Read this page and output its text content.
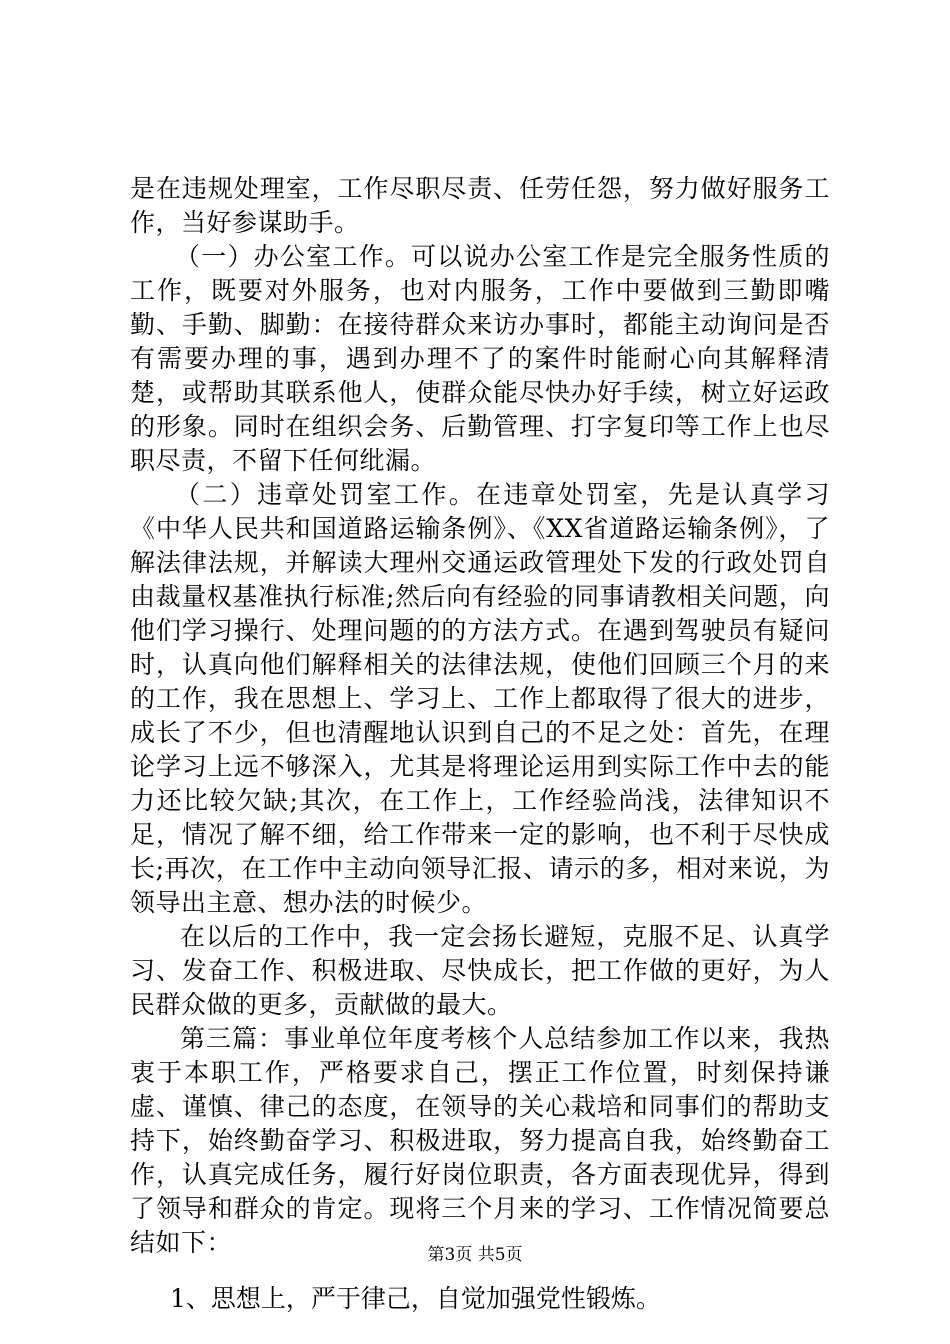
是在违规处理室，工作尽职尽责、任劳任怨，努力做好服务工作，当好参谋助手。

（一）办公室工作。可以说办公室工作是完全服务性质的工作，既要对外服务，也对内服务，工作中要做到三勤即嘴勤、手勤、脚勤：在接待群众来访办事时，都能主动询问是否有需要办理的事，遇到办理不了的案件时能耐心向其解释清楚，或帮助其联系他人，使群众能尽快办好手续，树立好运政的形象。同时在组织会务、后勤管理、打字复印等工作上也尽职尽责，不留下任何纰漏。

（二）违章处罚室工作。在违章处罚室，先是认真学习《中华人民共和国道路运输条例》、《XX省道路运输条例》，了解法律法规，并解读大理州交通运政管理处下发的行政处罚自由裁量权基准执行标准;然后向有经验的同事请教相关问题，向他们学习操行、处理问题的的方法方式。在遇到驾驶员有疑问时，认真向他们解释相关的法律法规，使他们回顾三个月的来的工作，我在思想上、学习上、工作上都取得了很大的进步，成长了不少，但也清醒地认识到自己的不足之处：首先，在理论学习上远不够深入，尤其是将理论运用到实际工作中去的能力还比较欠缺;其次，在工作上，工作经验尚浅，法律知识不足，情况了解不细，给工作带来一定的影响，也不利于尽快成长;再次，在工作中主动向领导汇报、请示的多，相对来说，为领导出主意、想办法的时候少。

在以后的工作中，我一定会扬长避短，克服不足、认真学习、发奋工作、积极进取、尽快成长，把工作做的更好，为人民群众做的更多，贡献做的最大。

第三篇：事业单位年度考核个人总结参加工作以来，我热衷于本职工作，严格要求自己，摆正工作位置，时刻保持谦虚、谨慎、律己的态度，在领导的关心栽培和同事们的帮助支持下，始终勤奋学习、积极进取，努力提高自我，始终勤奋工作，认真完成任务，履行好岗位职责，各方面表现优异，得到了领导和群众的肯定。现将三个月来的学习、工作情况简要总结如下：

1、思想上，严于律己，自觉加强党性锻炼。

第3页 共5页
